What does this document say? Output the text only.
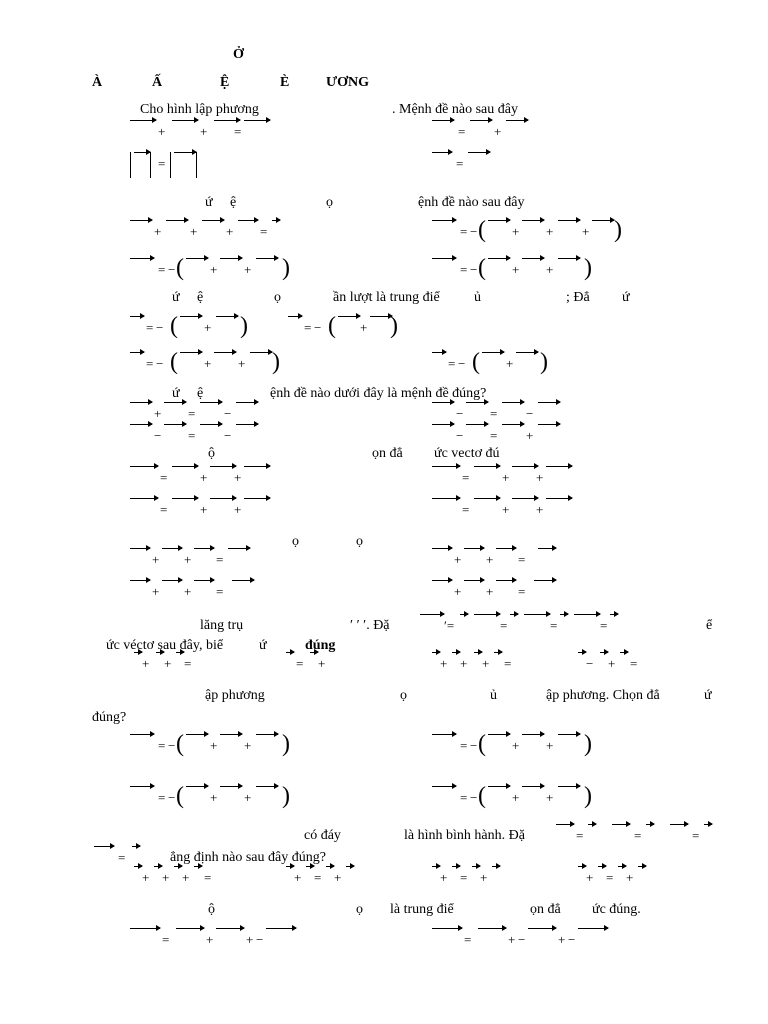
Ở
À	Ấ	Ệ	È	ƯƠNG
Cho hình lập phương	. Mệnh đề nào sau đây
+	+ =	= +
=	=
ứ ệ	ọ	ệnh đề nào sau đây
+ + + =	= − ( + + + )
= − ( + + )	= − ( + + )
ứ ệ	ọ	ần lượt là trung điể ủ	; Đẳ ứ
= − ( + )	= − ( + )
= − ( + + )	= − ( + )
ứ ệ	ệnh đề nào dưới đây là mệnh đề đúng?
+ = −	− = −
− = −	− = +
ộ	ọn đẳ ức vectơ đú
=	+ +	=	+ +
=	+ +	=	+ +
ọ	ọ
+ + =	+ + =
+ + =	+ + =
lăng trụ	′ ′ ′. Đặ	′=	=	=	=	ể
ức véctơ sau đây, biể	ứ	đúng
+ + =	= +	+ + + =	− + =
ập phương	ọ	ủ	ập phương. Chọn đẳ	ứ
đúng?
= − ( + + )	= − ( + + )
= − ( + + )	= − ( + + )
có đáy	là hình bình hành. Đặ	=	=	=
=	ẳng định nào sau đây đúng?
+ + + =	+ = +	+ = +	+ = +
ộ	ọ là trung điể	ọn đẳ ức đúng.
=	+	+ −	=	+ −	+ −
